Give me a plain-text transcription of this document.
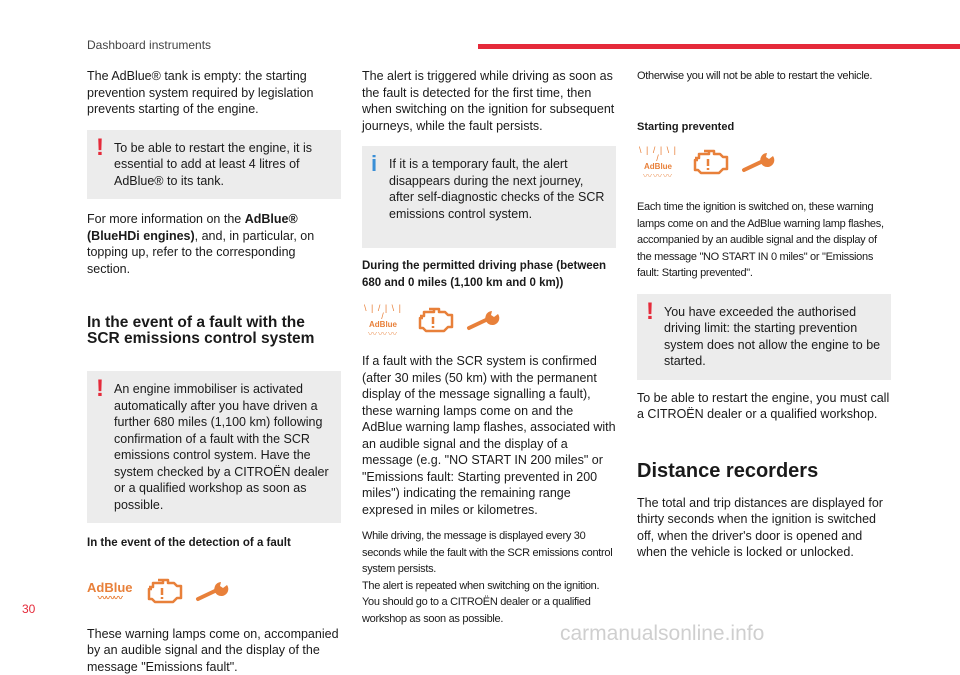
Dashboard instruments

The AdBlue® tank is empty: the starting prevention system required by legislation prevents starting of the engine.

! To be able to restart the engine, it is essential to add at least 4 litres of AdBlue® to its tank.

For more information on the AdBlue® (BlueHDi engines), and, in particular, on topping up, refer to the corresponding section.

In the event of a fault with the SCR emissions control system
! An engine immobiliser is activated automatically after you have driven a further 680 miles (1,100 km) following confirmation of a fault with the SCR emissions control system. Have the system checked by a CITROËN dealer or a qualified workshop as soon as possible.

In the event of the detection of a fault

AdBlue
〰〰〰

These warning lamps come on, accompanied by an audible signal and the display of the message "Emissions fault".

The alert is triggered while driving as soon as the fault is detected for the first time, then when switching on the ignition for subsequent journeys, while the fault persists.

i If it is a temporary fault, the alert disappears during the next journey, after self-diagnostic checks of the SCR emissions control system.

During the permitted driving phase (between 680 and 0 miles (1,100 km and 0 km))

\ | / | \ | /
AdBlue
〰〰〰

If a fault with the SCR system is confirmed (after 30 miles (50 km) with the permanent display of the message signalling a fault), these warning lamps come on and the AdBlue warning lamp flashes, associated with an audible signal and the display of a message (e.g. "NO START IN 200 miles" or "Emissions fault: Starting prevented in 200 miles") indicating the remaining range expresed in miles or kilometres.

While driving, the message is displayed every 30 seconds while the fault with the SCR emissions control system persists.

The alert is repeated when switching on the ignition. You should go to a CITROËN dealer or a qualified workshop as soon as possible.

Otherwise you will not be able to restart the vehicle.

Starting prevented

\ | / | \ | /
AdBlue
〰〰〰

Each time the ignition is switched on, these warning lamps come on and the AdBlue warning lamp flashes, accompanied by an audible signal and the display of the message "NO START IN 0 miles" or "Emissions fault: Starting prevented".

! You have exceeded the authorised driving limit: the starting prevention system does not allow the engine to be started.

To be able to restart the engine, you must call a CITROËN dealer or a qualified workshop.

Distance recorders

The total and trip distances are displayed for thirty seconds when the ignition is switched off, when the driver's door is opened and when the vehicle is locked or unlocked.

30
carmanualsonline.info
